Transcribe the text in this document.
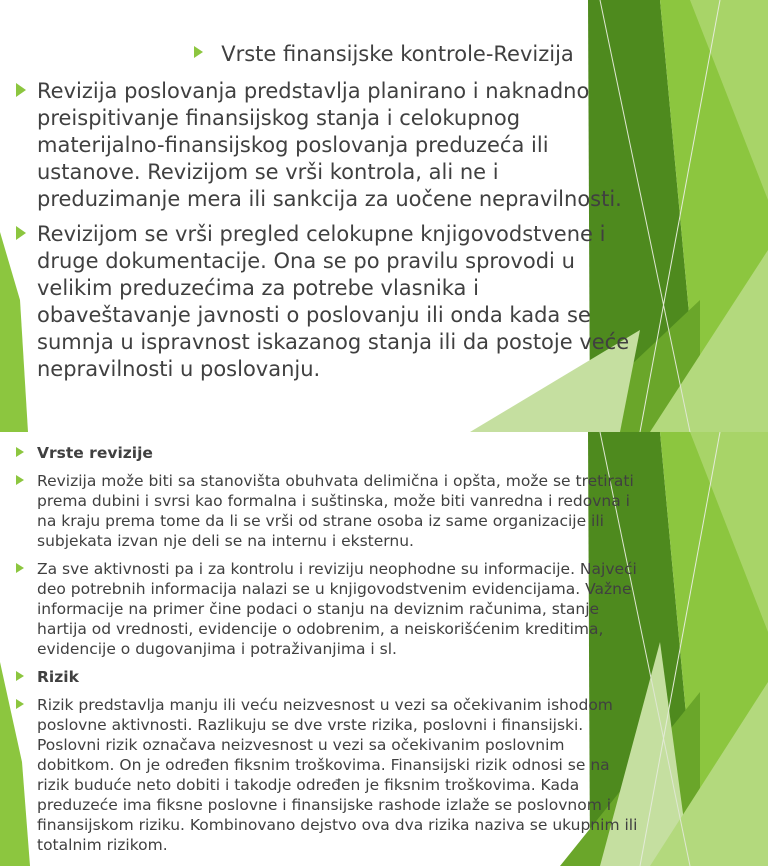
Vrste finansijske kontrole-Revizija

Revizija poslovanja predstavlja planirano i naknadno preispitivanje finansijskog stanja i celokupnog materijalno-finansijskog poslovanja preduzeća ili ustanove. Revizijom se vrši kontrola, ali ne i preduzimanje mera ili sankcija za uočene nepravilnosti.

Revizijom se vrši pregled celokupne knjigovodstvene i druge dokumentacije. Ona se po pravilu sprovodi u velikim preduzećima za potrebe vlasnika i obaveštavanje javnosti o poslovanju ili onda kada se sumnja u ispravnost iskazanog stanja ili da postoje veće nepravilnosti u poslovanju.

Vrste revizije

Revizija može biti sa stanovišta obuhvata delimična i opšta, može se tretirati prema dubini i svrsi kao formalna i suštinska, može biti vanredna i redovna i na kraju prema tome da li se vrši od strane osoba iz same organizacije ili subjekata izvan nje deli se na internu i eksternu.

Za sve aktivnosti pa i za kontrolu i reviziju neophodne su informacije. Najveći deo potrebnih informacija nalazi se u knjigovodstvenim evidencijama. Važne informacije na primer čine podaci o stanju na deviznim računima, stanje hartija od vrednosti, evidencije o odobrenim, a neiskorišćenim kreditima, evidencije o dugovanjima i potraživanjima i sl.

Rizik

Rizik predstavlja manju ili veću neizvesnost u vezi sa očekivanim ishodom poslovne aktivnosti. Razlikuju se dve vrste rizika, poslovni i finansijski. Poslovni rizik označava neizvesnost u vezi sa očekivanim poslovnim dobitkom. On je određen fiksnim troškovima. Finansijski rizik odnosi se na rizik buduće neto dobiti i takodje određen je fiksnim troškovima. Kada preduzeće ima fiksne poslovne i finansijske rashode izlaže se poslovnom i finansijskom riziku. Kombinovano dejstvo ova dva rizika naziva se ukupnim ili totalnim rizikom.
